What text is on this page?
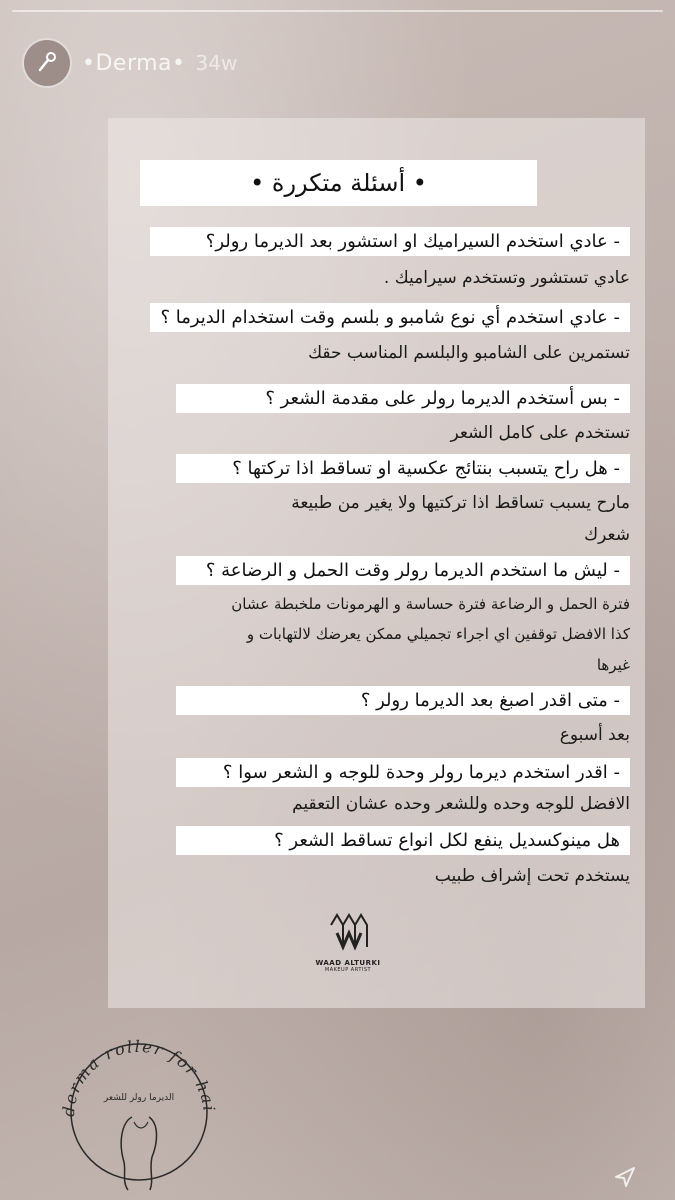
•Derma• 34w
• أسئلة متكررة •
- عادي استخدم السيراميك او استشور بعد الديرما رولر؟
عادي تستشور وتستخدم سيراميك .
- عادي استخدم أي نوع شامبو و بلسم وقت استخدام الديرما ؟
تستمرين على الشامبو والبلسم المناسب حقك
- بس أستخدم الديرما رولر على مقدمة الشعر ؟
تستخدم على كامل الشعر
- هل راح يتسبب بنتائج عكسية او تساقط اذا تركتها ؟
مارح يسبب تساقط اذا تركتيها ولا يغير من طبيعة
شعرك
- ليش ما استخدم الديرما رولر وقت الحمل و الرضاعة ؟
فترة الحمل و الرضاعة فترة حساسة و الهرمونات ملخبطة عشان
كذا الافضل توقفين اي اجراء تجميلي ممكن يعرضك لالتهابات و
غيرها
- متى اقدر اصبغ بعد الديرما رولر ؟
بعد أسبوع
- اقدر استخدم ديرما رولر وحدة للوجه و الشعر سوا ؟
الافضل للوجه وحده وللشعر وحده عشان التعقيم
هل مينوكسديل ينفع لكل انواع تساقط الشعر ؟
يستخدم تحت إشراف طبيب
WAAD ALTURKI
MAKEUP ARTIST
derma roller for hai
الديرما رولر للشعر
